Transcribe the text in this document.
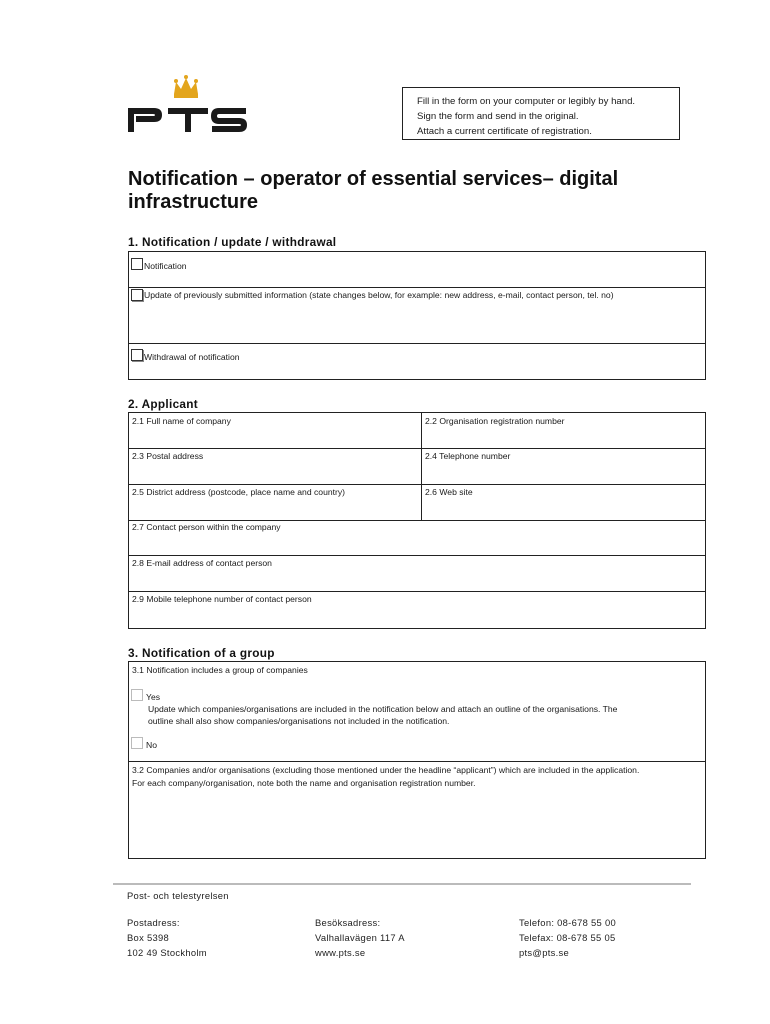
Fill in the form on your computer or legibly by hand.
Sign the form and send in the original.
Attach a current certificate of registration.
Notification – operator of essential services– digital infrastructure
1. Notification / update / withdrawal
Notification
Update of previously submitted information (state changes below, for example: new address, e-mail, contact person, tel. no)
Withdrawal of notification
2. Applicant
2.1 Full name of company	2.2 Organisation registration number
2.3 Postal address	2.4 Telephone number
2.5 District address (postcode, place name and country)	2.6 Web site
2.7 Contact person within the company
2.8 E-mail address of contact person
2.9 Mobile telephone number of contact person
3. Notification of a group
3.1 Notification includes a group of companies
Yes
Update which companies/organisations are included in the notification below and attach an outline of the organisations. The
outline shall also show companies/organisations not included in the notification.
No
3.2 Companies and/or organisations (excluding those mentioned under the headline “applicant”) which are included in the application.
For each company/organisation, note both the name and organisation registration number.
Post- och telestyrelsen
Postadress:
Box 5398
102 49 Stockholm
Besöksadress:
Valhallavägen 117 A
www.pts.se
Telefon: 08-678 55 00
Telefax: 08-678 55 05
pts@pts.se
